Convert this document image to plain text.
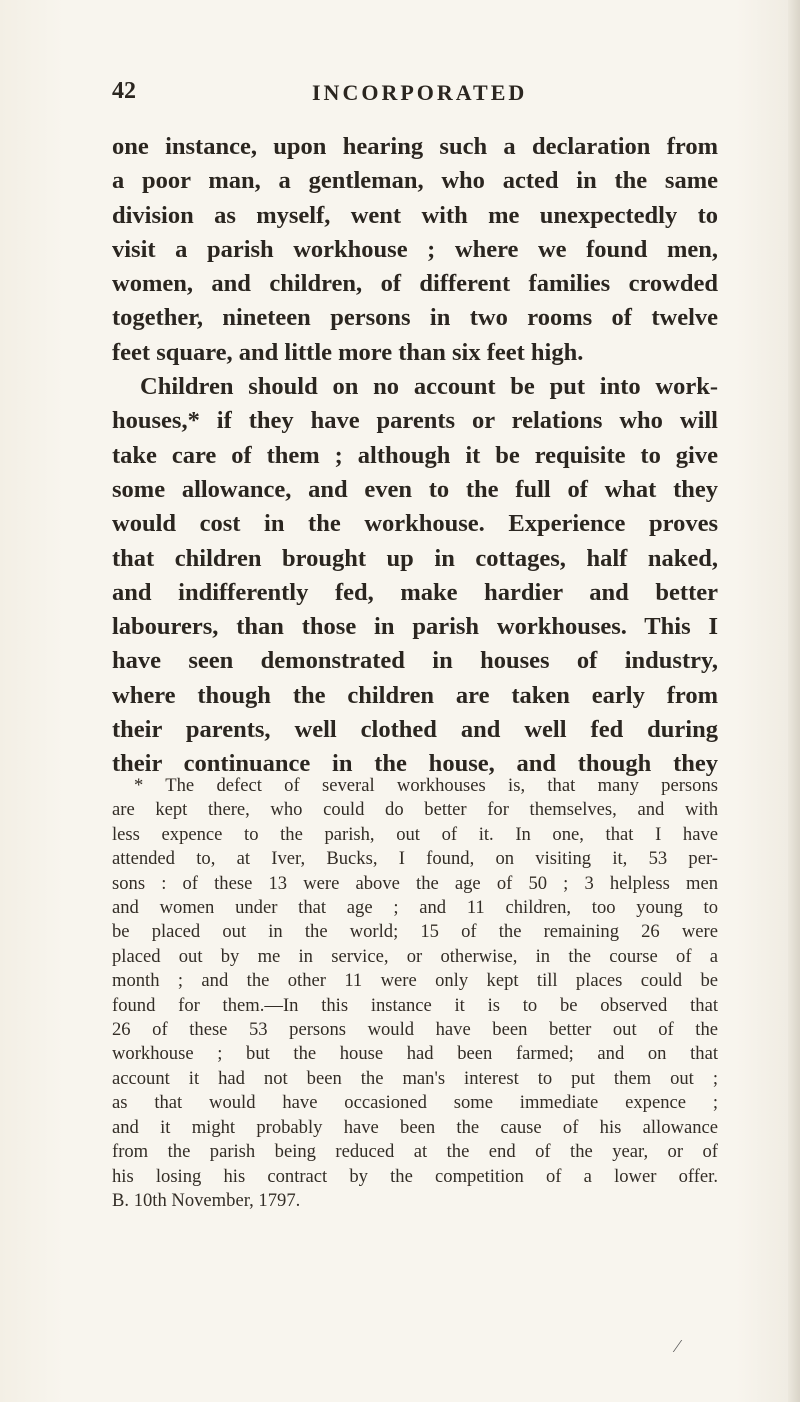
42	INCORPORATED
one instance, upon hearing such a declaration from
a poor man, a gentleman, who acted in the same
division as myself, went with me unexpectedly to
visit a parish workhouse ; where we found men,
women, and children, of different families crowded
together, nineteen persons in two rooms of twelve
feet square, and little more than six feet high.
Children should on no account be put into work-
houses,* if they have parents or relations who will
take care of them ; although it be requisite to give
some allowance, and even to the full of what they
would cost in the workhouse. Experience proves
that children brought up in cottages, half naked,
and indifferently fed, make hardier and better
labourers, than those in parish workhouses. This I
have seen demonstrated in houses of industry,
where though the children are taken early from
their parents, well clothed and well fed during
their continuance in the house, and though they
* The defect of several workhouses is, that many persons
are kept there, who could do better for themselves, and with
less expence to the parish, out of it. In one, that I have
attended to, at Iver, Bucks, I found, on visiting it, 53 per-
sons : of these 13 were above the age of 50 ; 3 helpless men
and women under that age ; and 11 children, too young to
be placed out in the world; 15 of the remaining 26 were
placed out by me in service, or otherwise, in the course of a
month ; and the other 11 were only kept till places could be
found for them.—In this instance it is to be observed that
26 of these 53 persons would have been better out of the
workhouse ; but the house had been farmed; and on that
account it had not been the man's interest to put them out ;
as that would have occasioned some immediate expence ;
and it might probably have been the cause of his allowance
from the parish being reduced at the end of the year, or of
his losing his contract by the competition of a lower offer.
B. 10th November, 1797.
⁄
